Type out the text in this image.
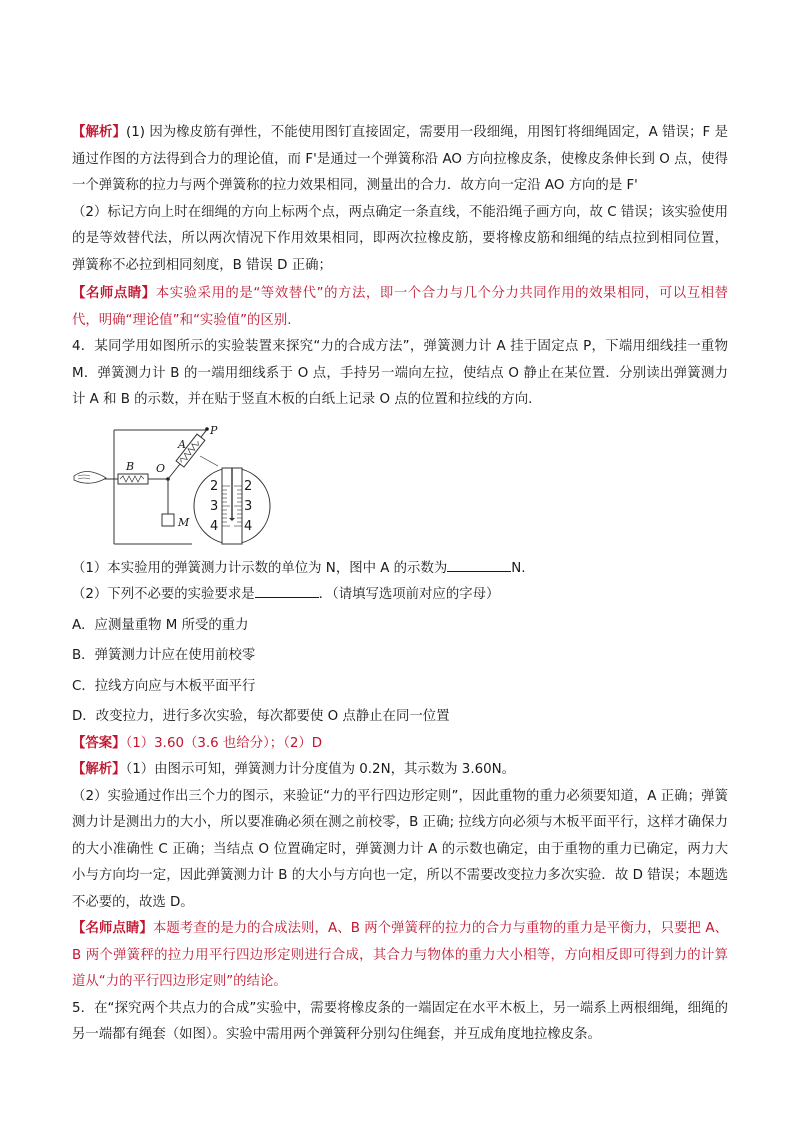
【解析】(1) 因为橡皮筋有弹性，不能使用图钉直接固定，需要用一段细绳，用图钉将细绳固定，A 错误；F 是通过作图的方法得到合力的理论值，而 F'是通过一个弹簧称沿 AO 方向拉橡皮条，使橡皮条伸长到 O 点，使得一个弹簧称的拉力与两个弹簧称的拉力效果相同，测量出的合力．故方向一定沿 AO 方向的是 F'

（2）标记方向上时在细绳的方向上标两个点，两点确定一条直线，不能沿绳子画方向，故 C 错误；该实验使用的是等效替代法，所以两次情况下作用效果相同，即两次拉橡皮筋，要将橡皮筋和细绳的结点拉到相同位置，弹簧称不必拉到相同刻度，B 错误 D 正确；

【名师点睛】本实验采用的是“等效替代”的方法，即一个合力与几个分力共同作用的效果相同，可以互相替代，明确“理论值”和“实验值”的区别.

4．某同学用如图所示的实验装置来探究“力的合成方法”，弹簧测力计 A 挂于固定点 P，下端用细线挂一重物 M．弹簧测力计 B 的一端用细线系于 O 点，手持另一端向左拉，使结点 O 静止在某位置．分别读出弹簧测力计 A 和 B 的示数，并在贴于竖直木板的白纸上记录 O 点的位置和拉线的方向.

B O
M
P
A
2
3
4
2
3
4

（1）本实验用的弹簧测力计示数的单位为 N，图中 A 的示数为	N.

（2）下列不必要的实验要求是	．（请填写选项前对应的字母）

A．应测量重物 M 所受的重力

B．弹簧测力计应在使用前校零

C．拉线方向应与木板平面平行

D．改变拉力，进行多次实验，每次都要使 O 点静止在同一位置

【答案】（1）3.60（3.6 也给分）；（2）D

【解析】（1）由图示可知，弹簧测力计分度值为 0.2N，其示数为 3.60N。

（2）实验通过作出三个力的图示，来验证“力的平行四边形定则”，因此重物的重力必须要知道，A 正确；弹簧测力计是测出力的大小，所以要准确必须在测之前校零，B 正确; 拉线方向必须与木板平面平行，这样才确保力的大小准确性 C 正确；当结点 O 位置确定时，弹簧测力计 A 的示数也确定，由于重物的重力已确定，两力大小与方向均一定，因此弹簧测力计 B 的大小与方向也一定，所以不需要改变拉力多次实验．故 D 错误；本题选不必要的，故选 D。

【名师点睛】本题考查的是力的合成法则，A、B 两个弹簧秤的拉力的合力与重物的重力是平衡力，只要把 A、B 两个弹簧秤的拉力用平行四边形定则进行合成，其合力与物体的重力大小相等，方向相反即可得到力的计算道从“力的平行四边形定则”的结论。

5．在“探究两个共点力的合成”实验中，需要将橡皮条的一端固定在水平木板上，另一端系上两根细绳，细绳的另一端都有绳套（如图）。实验中需用两个弹簧秤分别勾住绳套，并互成角度地拉橡皮条。
